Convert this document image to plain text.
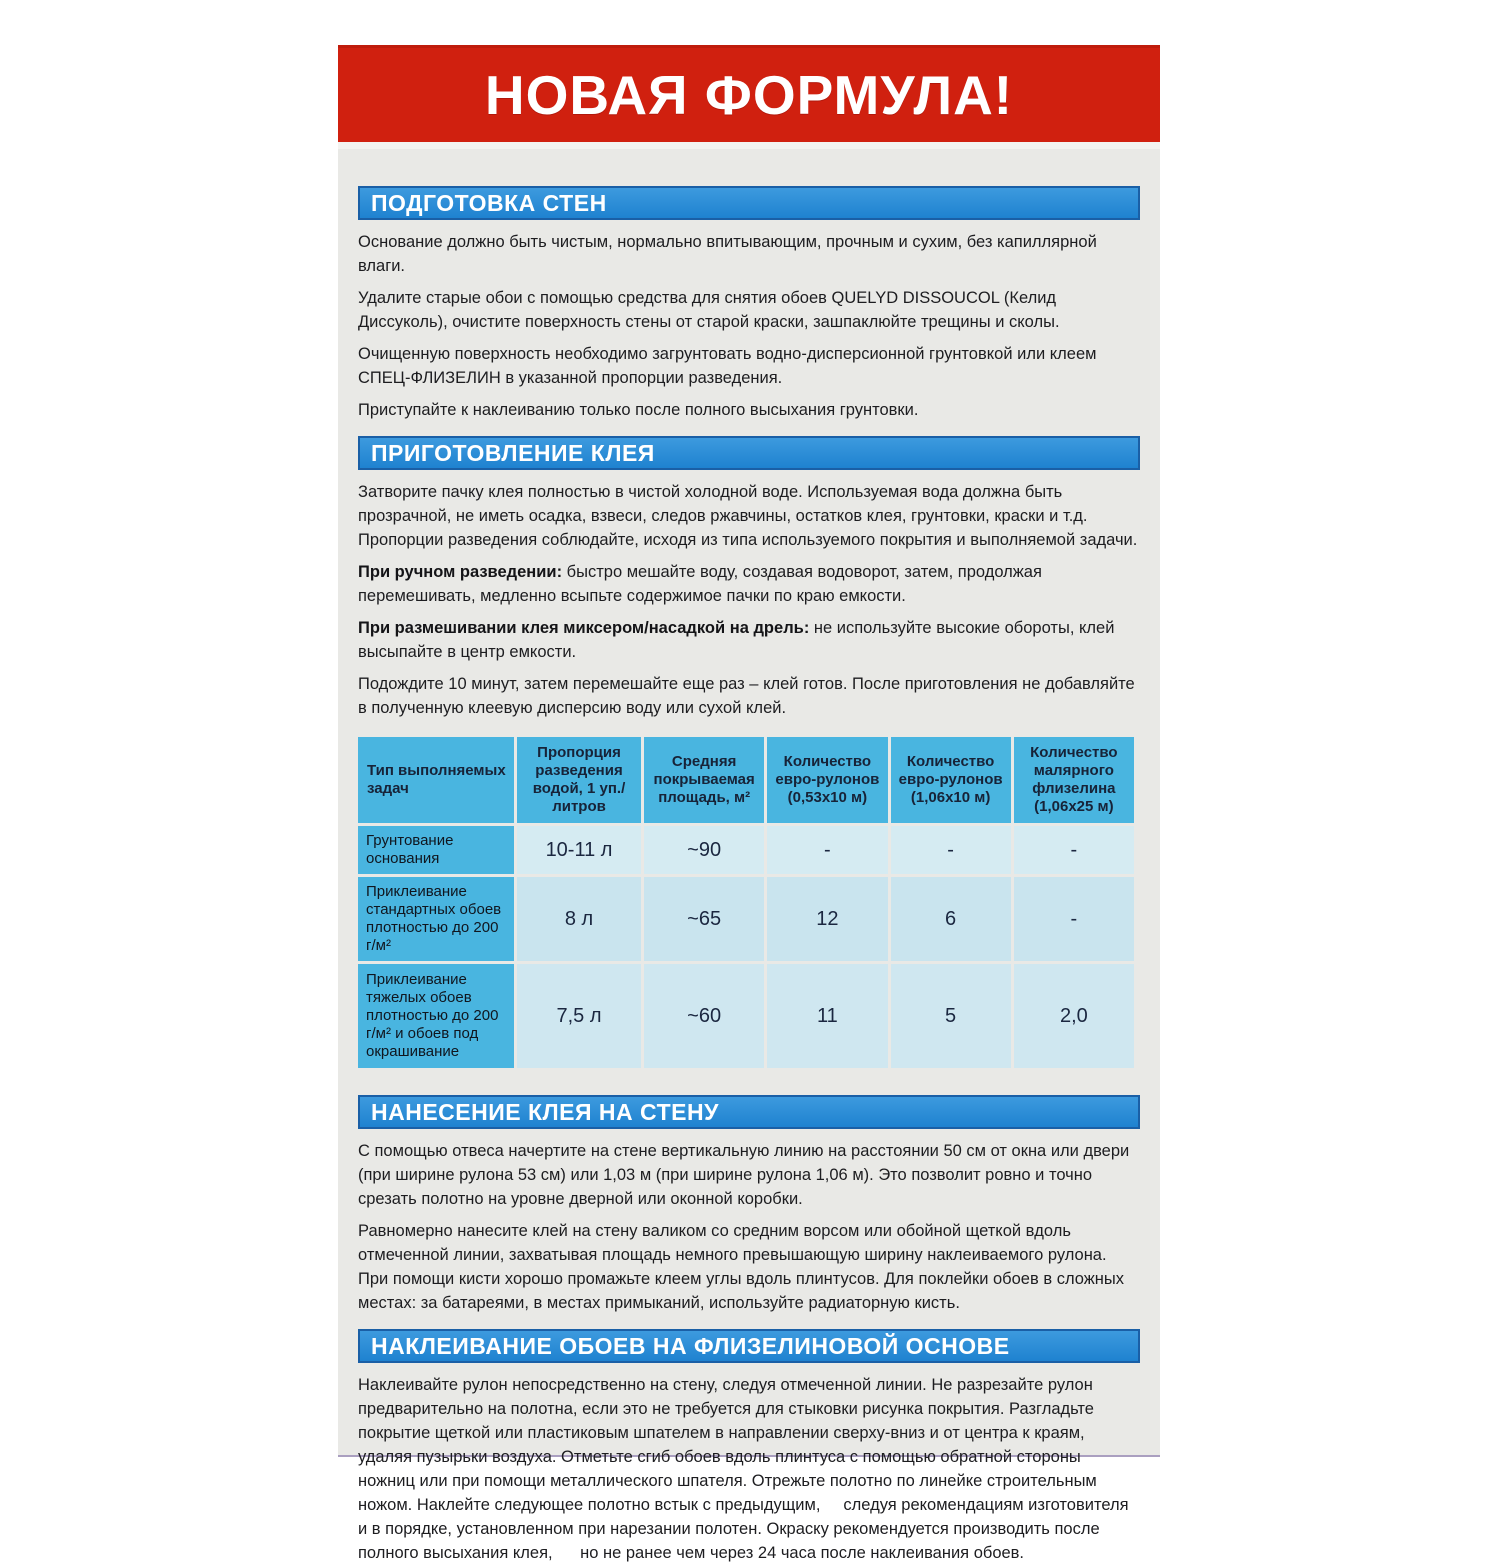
НОВАЯ ФОРМУЛА!
ПОДГОТОВКА СТЕН

Основание должно быть чистым, нормально впитывающим, прочным и сухим, без капиллярной влаги.

Удалите старые обои с помощью средства для снятия обоев QUELYD DISSOUCOL (Келид Диссуколь), очистите поверхность стены от старой краски, зашпаклюйте трещины и сколы.

Очищенную поверхность необходимо загрунтовать водно-дисперсионной грунтовкой или клеем СПЕЦ-ФЛИЗЕЛИН в указанной пропорции разведения.

Приступайте к наклеиванию только после полного высыхания грунтовки.

ПРИГОТОВЛЕНИЕ КЛЕЯ

Затворите пачку клея полностью в чистой холодной воде. Используемая вода должна быть прозрачной, не иметь осадка, взвеси, следов ржавчины, остатков клея, грунтовки, краски и т.д. Пропорции разведения соблюдайте, исходя из типа используемого покрытия и выполняемой задачи.

При ручном разведении: быстро мешайте воду, создавая водоворот, затем, продолжая перемешивать, медленно всыпьте содержимое пачки по краю емкости.

При размешивании клея миксером/насадкой на дрель: не используйте высокие обороты, клей высыпайте в центр емкости.

Подождите 10 минут, затем перемешайте еще раз – клей готов. После приготовления не добавляйте в полученную клеевую дисперсию воду или сухой клей.

Тип выполняемых задач	Пропорция разведения водой, 1 уп./литров	Средняя покрываемая площадь, м²	Количество евро-рулонов (0,53х10 м)	Количество евро-рулонов (1,06х10 м)	Количество малярного флизелина (1,06х25 м)
Грунтование основания	10-11 л	~90	-	-	-
Приклеивание стандартных обоев плотностью до 200 г/м²	8 л	~65	12	6	-
Приклеивание тяжелых обоев плотностью до 200 г/м² и обоев под окрашивание	7,5 л	~60	11	5	2,0
НАНЕСЕНИЕ КЛЕЯ НА СТЕНУ

С помощью отвеса начертите на стене вертикальную линию на расстоянии 50 см от окна или двери (при ширине рулона 53 см) или 1,03 м (при ширине рулона 1,06 м). Это позволит ровно и точно срезать полотно на уровне дверной или оконной коробки.

Равномерно нанесите клей на стену валиком со средним ворсом или обойной щеткой вдоль отмеченной линии, захватывая площадь немного превышающую ширину наклеиваемого рулона. При помощи кисти хорошо промажьте клеем углы вдоль плинтусов. Для поклейки обоев в сложных местах: за батареями, в местах примыканий, используйте радиаторную кисть.

НАКЛЕИВАНИЕ ОБОЕВ НА ФЛИЗЕЛИНОВОЙ ОСНОВЕ

Наклеивайте рулон непосредственно на стену, следуя отмеченной линии. Не разрезайте рулон предварительно на полотна, если это не требуется для стыковки рисунка покрытия. Разгладьте покрытие щеткой или пластиковым шпателем в направлении сверху-вниз и от центра к краям, удаляя пузырьки воздуха. Отметьте сгиб обоев вдоль плинтуса с помощью обратной стороны ножниц или при помощи металлического шпателя. Отрежьте полотно по линейке строительным ножом. Наклейте следующее полотно встык с предыдущим,     следуя рекомендациям изготовителя и в порядке, установленном при нарезании полотен. Окраску рекомендуется производить после полного высыхания клея,      но не ранее чем через 24 часа после наклеивания обоев.
